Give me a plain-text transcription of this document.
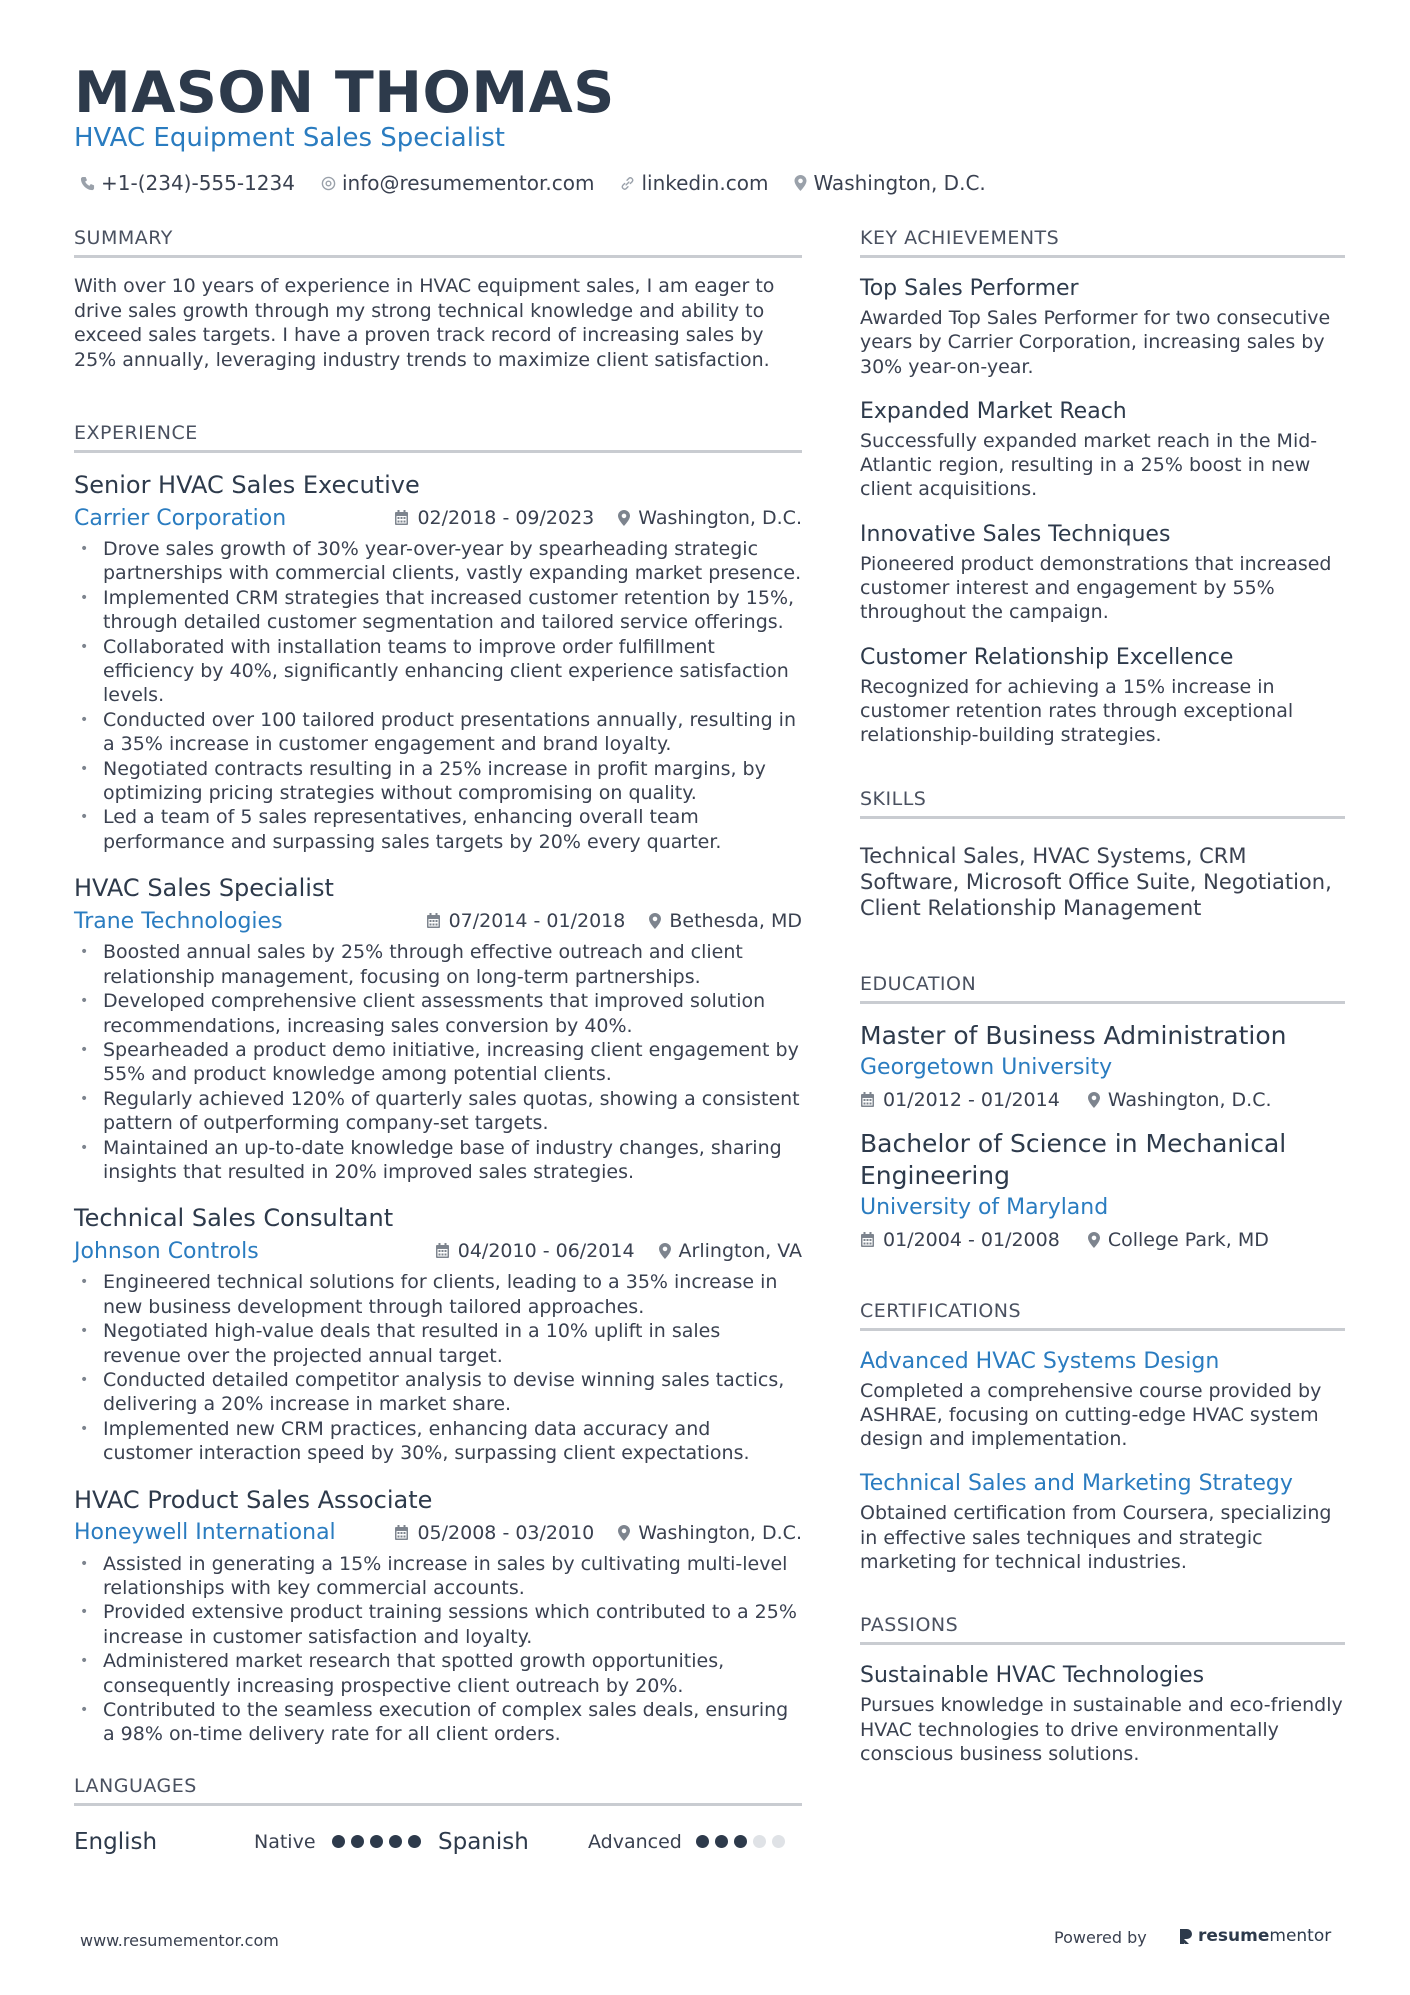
MASON THOMAS
HVAC Equipment Sales Specialist
+1-(234)-555-1234 info@resumementor.com linkedin.com Washington, D.C.
SUMMARY

With over 10 years of experience in HVAC equipment sales, I am eager to drive sales growth through my strong technical knowledge and ability to exceed sales targets. I have a proven track record of increasing sales by 25% annually, leveraging industry trends to maximize client satisfaction.

EXPERIENCE
Senior HVAC Sales Executive
Carrier Corporation	02/2018 - 09/2023 Washington, D.C.
• Drove sales growth of 30% year-over-year by spearheading strategic partnerships with commercial clients, vastly expanding market presence.
• Implemented CRM strategies that increased customer retention by 15%, through detailed customer segmentation and tailored service offerings.
• Collaborated with installation teams to improve order fulfillment efficiency by 40%, significantly enhancing client experience satisfaction levels.
• Conducted over 100 tailored product presentations annually, resulting in a 35% increase in customer engagement and brand loyalty.
• Negotiated contracts resulting in a 25% increase in profit margins, by optimizing pricing strategies without compromising on quality.
• Led a team of 5 sales representatives, enhancing overall team performance and surpassing sales targets by 20% every quarter.
HVAC Sales Specialist
Trane Technologies	07/2014 - 01/2018 Bethesda, MD
• Boosted annual sales by 25% through effective outreach and client relationship management, focusing on long-term partnerships.
• Developed comprehensive client assessments that improved solution recommendations, increasing sales conversion by 40%.
• Spearheaded a product demo initiative, increasing client engagement by 55% and product knowledge among potential clients.
• Regularly achieved 120% of quarterly sales quotas, showing a consistent pattern of outperforming company-set targets.
• Maintained an up-to-date knowledge base of industry changes, sharing insights that resulted in 20% improved sales strategies.
Technical Sales Consultant
Johnson Controls	04/2010 - 06/2014 Arlington, VA
• Engineered technical solutions for clients, leading to a 35% increase in new business development through tailored approaches.
• Negotiated high-value deals that resulted in a 10% uplift in sales revenue over the projected annual target.
• Conducted detailed competitor analysis to devise winning sales tactics, delivering a 20% increase in market share.
• Implemented new CRM practices, enhancing data accuracy and customer interaction speed by 30%, surpassing client expectations.
HVAC Product Sales Associate
Honeywell International	05/2008 - 03/2010 Washington, D.C.
• Assisted in generating a 15% increase in sales by cultivating multi-level relationships with key commercial accounts.
• Provided extensive product training sessions which contributed to a 25% increase in customer satisfaction and loyalty.
• Administered market research that spotted growth opportunities, consequently increasing prospective client outreach by 20%.
• Contributed to the seamless execution of complex sales deals, ensuring a 98% on-time delivery rate for all client orders.
LANGUAGES
English	Native	Spanish	Advanced
KEY ACHIEVEMENTS
Top Sales Performer
Awarded Top Sales Performer for two consecutive years by Carrier Corporation, increasing sales by 30% year-on-year.
Expanded Market Reach
Successfully expanded market reach in the Mid-Atlantic region, resulting in a 25% boost in new client acquisitions.
Innovative Sales Techniques
Pioneered product demonstrations that increased customer interest and engagement by 55% throughout the campaign.
Customer Relationship Excellence
Recognized for achieving a 15% increase in customer retention rates through exceptional relationship-building strategies.
SKILLS
Technical Sales, HVAC Systems, CRM Software, Microsoft Office Suite, Negotiation, Client Relationship Management
EDUCATION
Master of Business Administration
Georgetown University
01/2012 - 01/2014	Washington, D.C.
Bachelor of Science in Mechanical Engineering
University of Maryland
01/2004 - 01/2008	College Park, MD
CERTIFICATIONS
Advanced HVAC Systems Design
Completed a comprehensive course provided by ASHRAE, focusing on cutting-edge HVAC system design and implementation.
Technical Sales and Marketing Strategy
Obtained certification from Coursera, specializing in effective sales techniques and strategic marketing for technical industries.
PASSIONS
Sustainable HVAC Technologies
Pursues knowledge in sustainable and eco-friendly HVAC technologies to drive environmentally conscious business solutions.
www.resumementor.com	Powered by	resume mentor
